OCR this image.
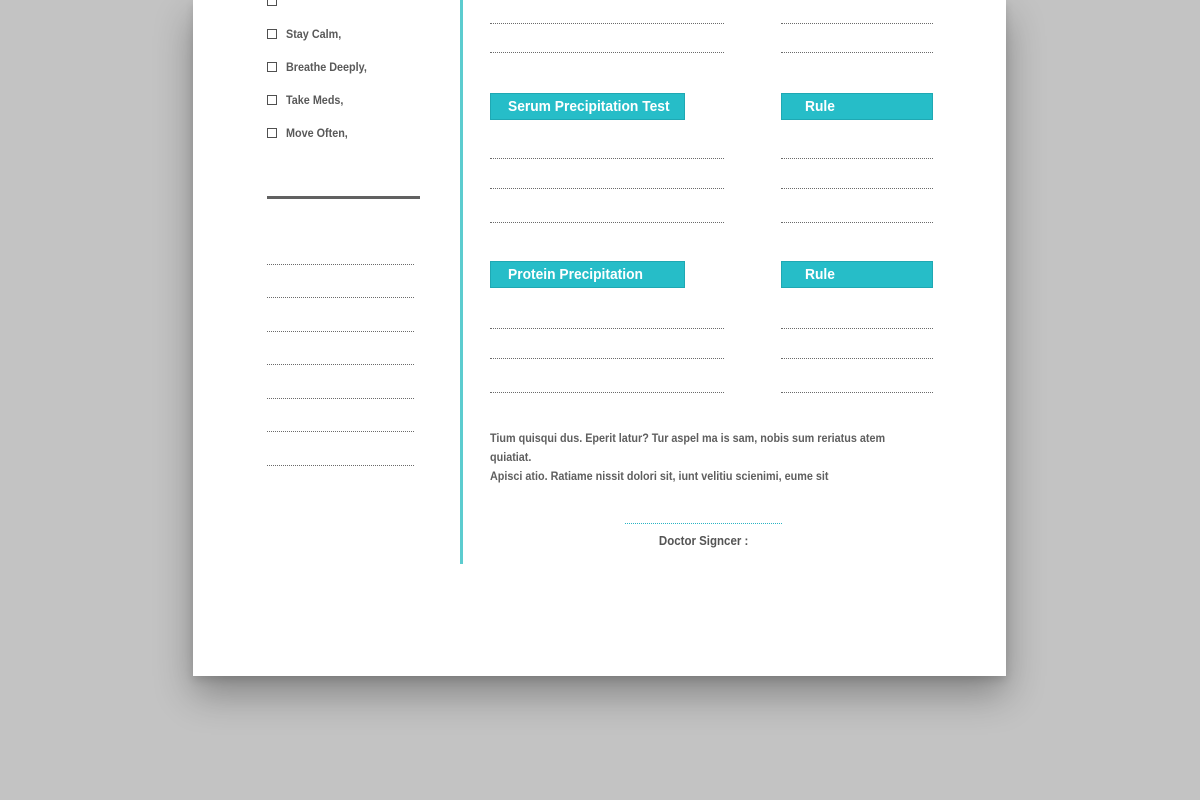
Stay Calm,
Breathe Deeply,
Take Meds,
Move Often,
Serum Precipitation Test	Rule
Protein Precipitation	Rule

Tium quisqui dus. Eperit latur? Tur aspel ma is sam, nobis sum reriatus atem quiatiat.
Apisci atio. Ratiame nissit dolori sit, iunt velitiu scienimi, eume sit

Doctor Signcer :
